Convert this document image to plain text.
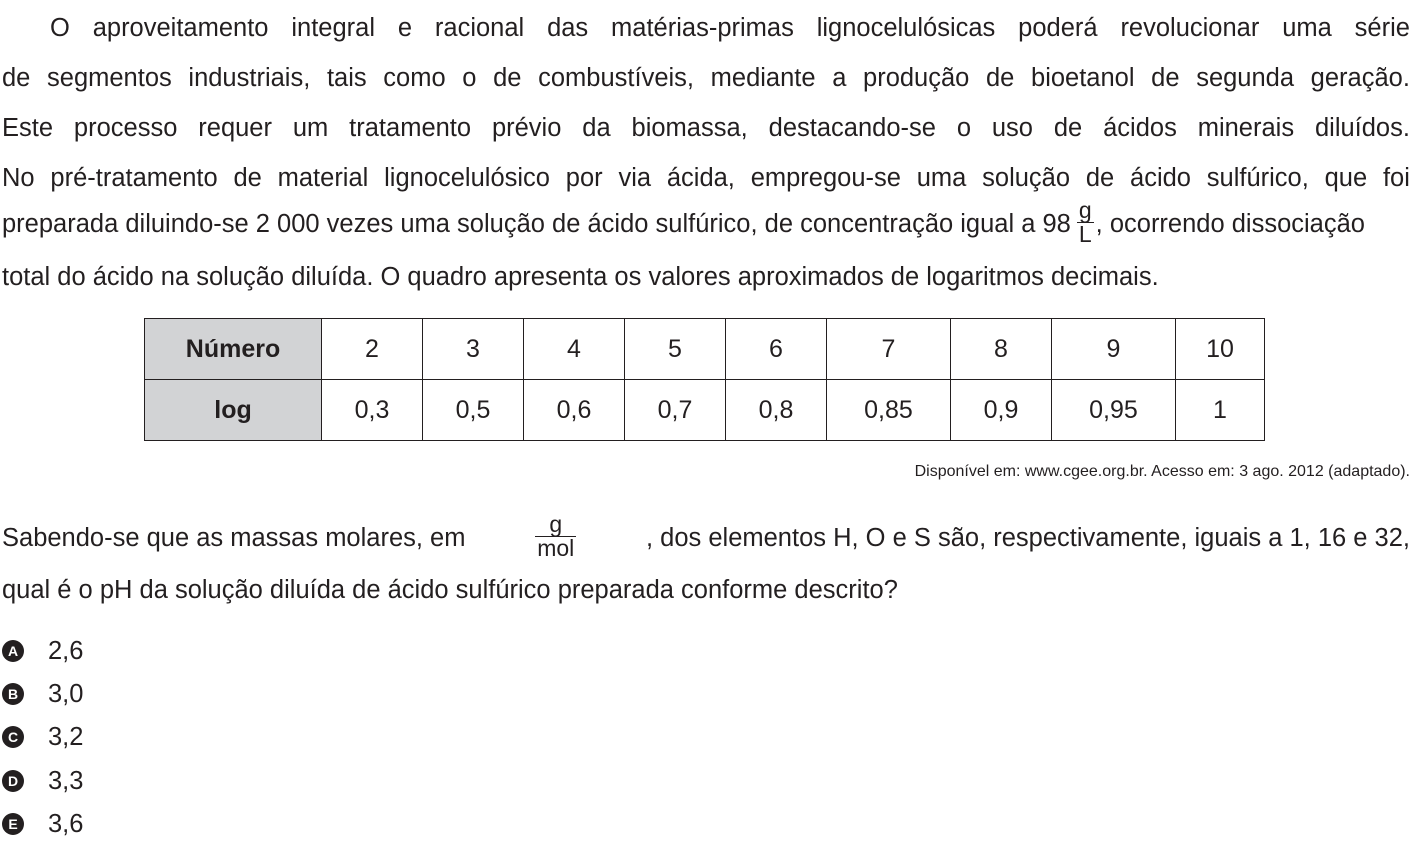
O aproveitamento integral e racional das matérias-primas lignocelulósicas poderá revolucionar uma série
de segmentos industriais, tais como o de combustíveis, mediante a produção de bioetanol de segunda geração.
Este processo requer um tratamento prévio da biomassa, destacando-se o uso de ácidos minerais diluídos.
No pré-tratamento de material lignocelulósico por via ácida, empregou-se uma solução de ácido sulfúrico, que foi
preparada diluindo-se 2 000 vezes uma solução de ácido sulfúrico, de concentração igual a $98 \frac{g}{L}$ , ocorrendo dissociação
total do ácido na solução diluída. O quadro apresenta os valores aproximados de logaritmos decimais.
Número	2	3	4	5	6	7	8	9	10
log	0,3	0,5	0,6	0,7	0,8	0,85	0,9	0,95	1
Disponível em: www.cgee.org.br. Acesso em: 3 ago. 2012 (adaptado).
Sabendo-se que as massas molares, em	$\frac{g}{\text{mol}}$	, dos elementos H, O e S são, respectivamente, iguais a 1, 16 e 32,
qual é o pH da solução diluída de ácido sulfúrico preparada conforme descrito?
A 2,6
B 3,0
C 3,2
D 3,3
E 3,6
